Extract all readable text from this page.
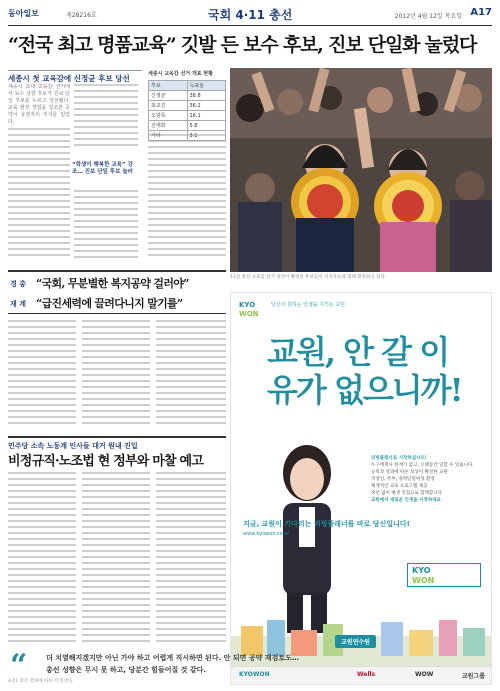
동아일보	제28216호	국회 4·11 총선	2012년 4월 12일 목요일 A17
“전국 최고 명품교육” 깃발 든 보수 후보, 진보 단일화 눌렀다
세종시 첫 교육감에 신정균 후보 당선
세종시 초대 교육감 선거에서 보수 성향 후보가 진보 단일 후보를 누르고 당선됐다. 교육 현장 경험을 강조한 공약이 유권자의 지지를 얻었다.
“학생이 행복한 교육” 강조… 진보 단일 후보 눌러
세종시 교육감 선거 개표 현황
후보	득표율
신정균	38.8
최교진	36.2
오광록	16.1
진태화	5.8
기타	3.1
11일 총선·교육감 선거 당선이 확정된 후보들이 지지자들과 함께 환호하고 있다.
경 총 “국회, 무분별한 복지공약 걸러야”
재 계 “급진세력에 끌려다니지 말기를”
민주당 소속 노동계 인사들 대거 원내 진입
비정규직·노조법 현 정부와 마찰 예고
KYO
WON
당신이 원하는 인생을 지키는 교원
교원, 안 갈 이유가 없으니까!
리빙플래너로 시작하십시오!
누구에게나 한계가 없고, 오랫동안 일할 수 있습니다.
능력과 성과에 따른 보상이 확실한 교원
직장인, 주부, 경력단절여성 환영
체계적인 교육 프로그램 제공
정년 없이 평생 직업으로 함께합니다
교원에서 새로운 인생을 시작하세요
지금, 교원이 기다리는 리빙플래너를 바로 당신입니다!
www.kyowon.co.kr
KYO
WON
교원연수원
KYOWON	Wells	WOW	교원그룹
“	더 치열해지겠지만 아닌 가야 하고 어렵게 직시하면 된다. 안 되면 공약 재검토도…
총선 성향은 무시 못 하고, 당분간 힘들어질 것 같다.
4·11 총선 결과에 따른 각계 반응
